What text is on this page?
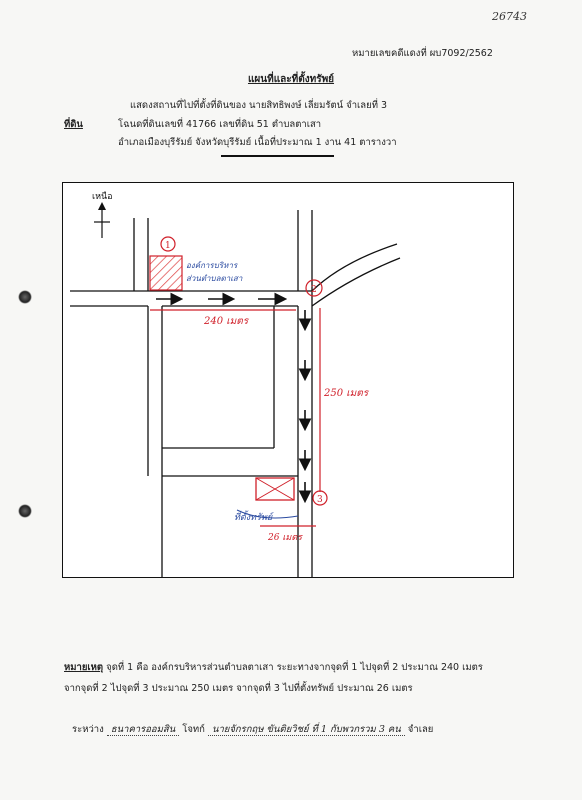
26743
หมายเลขคดีแดงที่ ผบ7092/2562
แผนที่และที่ตั้งทรัพย์
แสดงสถานที่ไปที่ตั้งที่ดินของ นายสิทธิพงษ์ เลี่ยมรัตน์ จำเลยที่ 3
ที่ดิน	โฉนดที่ดินเลขที่ 41766 เลขที่ดิน 51 ตำบลตาเสา
อำเภอเมืองบุรีรัมย์ จังหวัดบุรีรัมย์ เนื้อที่ประมาณ 1 งาน 41 ตารางวา
เหนือ
1
องค์การบริหาร
ส่วนตำบลตาเสา
2
240 เมตร
250 เมตร
3
ที่ตั้งทรัพย์
26 เมตร
หมายเหตุ จุดที่ 1 คือ องค์กรบริหารส่วนตำบลตาเสา ระยะทางจากจุดที่ 1 ไปจุดที่ 2 ประมาณ 240 เมตร
จากจุดที่ 2 ไปจุดที่ 3 ประมาณ 250 เมตร จากจุดที่ 3 ไปที่ตั้งทรัพย์ ประมาณ 26 เมตร
ระหว่าง ธนาคารออมสิน โจทก์ นายจักรกฤษ ขันติยวิชย์ ที่ 1 กับพวกรวม 3 คน จำเลย
